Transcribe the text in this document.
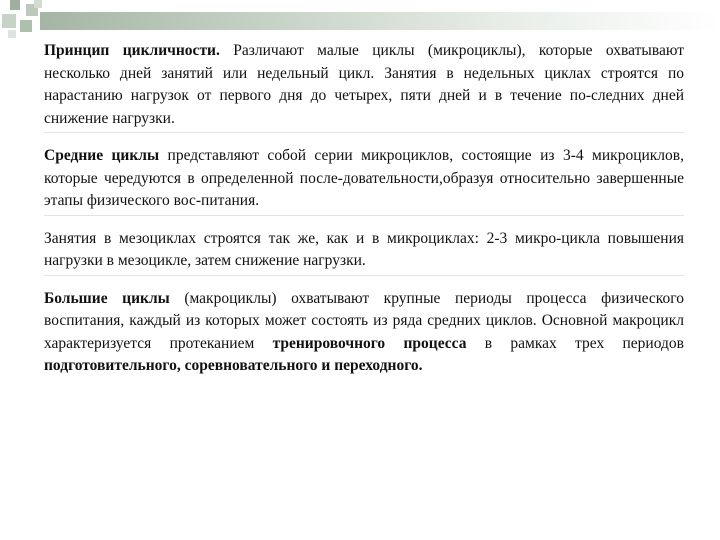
Принцип цикличности. Различают малые циклы (микроциклы), которые охватывают несколько дней занятий или недельный цикл. Занятия в недельных циклах строятся по нарастанию нагрузок от первого дня до четырех, пяти дней и в течение по-следних дней снижение нагрузки.

Средние циклы представляют собой серии микроциклов, состоящие из 3-4 микроциклов, которые чередуются в определенной после-довательности,образуя относительно завершенные этапы физического вос-питания.

Занятия в мезоциклах строятся так же, как и в микроциклах: 2-3 микро-цикла повышения нагрузки в мезоцикле, затем снижение нагрузки.

Большие циклы (макроциклы) охватывают крупные периоды процесса физического воспитания, каждый из которых может состоять из ряда средних циклов. Основной макроцикл характеризуется протеканием тренировочного процесса в рамках трех периодов подготовительного, соревновательного и переходного.
